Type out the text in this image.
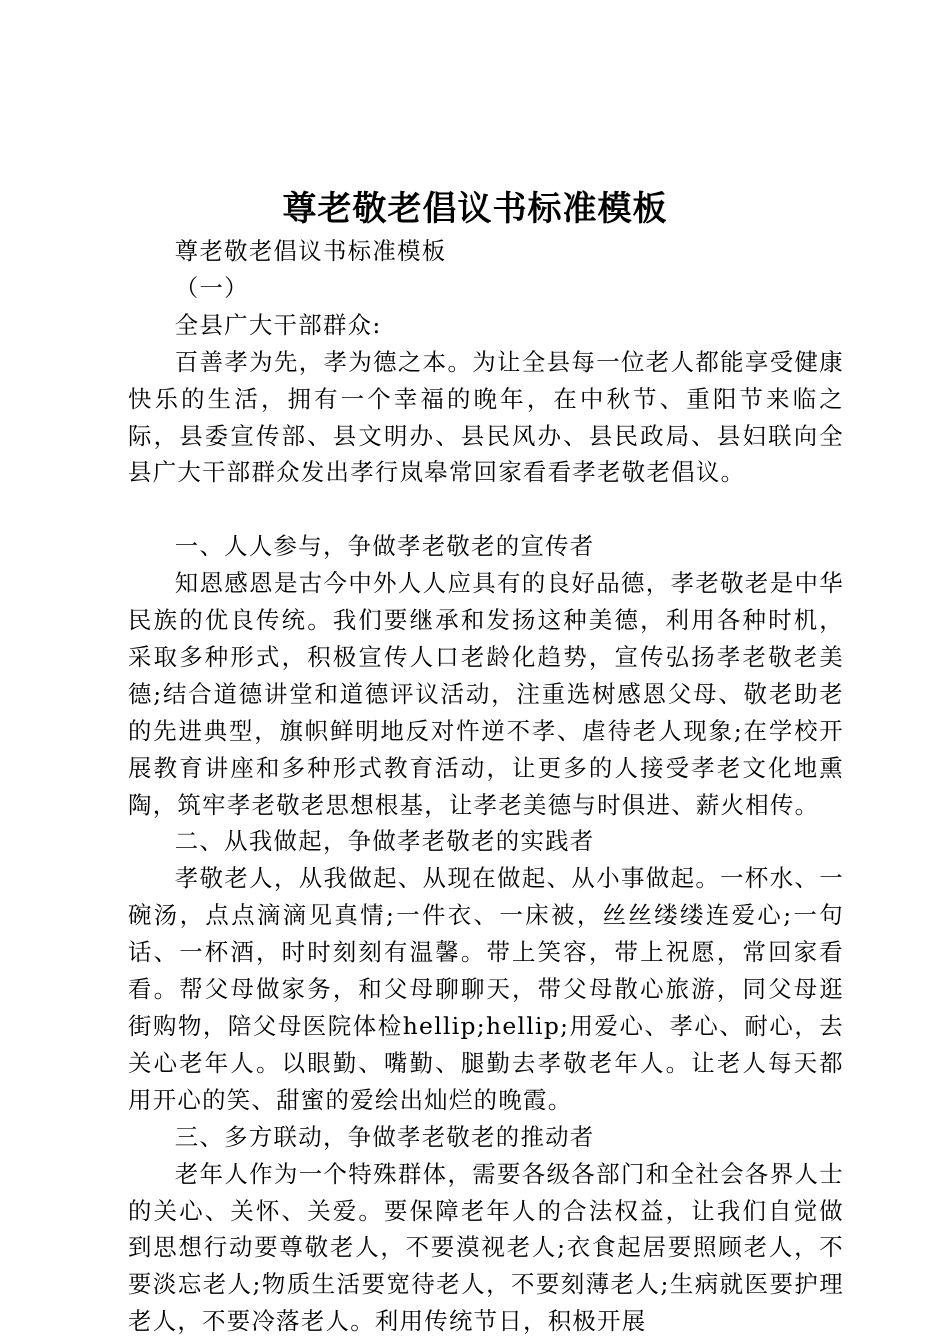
尊老敬老倡议书标准模板

尊老敬老倡议书标准模板

（一）

全县广大干部群众:

百善孝为先，孝为德之本。为让全县每一位老人都能享受健康快乐的生活，拥有一个幸福的晚年，在中秋节、重阳节来临之际，县委宣传部、县文明办、县民风办、县民政局、县妇联向全县广大干部群众发出孝行岚皋常回家看看孝老敬老倡议。

一、人人参与，争做孝老敬老的宣传者

知恩感恩是古今中外人人应具有的良好品德，孝老敬老是中华民族的优良传统。我们要继承和发扬这种美德，利用各种时机，采取多种形式，积极宣传人口老龄化趋势，宣传弘扬孝老敬老美德;结合道德讲堂和道德评议活动，注重选树感恩父母、敬老助老的先进典型，旗帜鲜明地反对忤逆不孝、虐待老人现象;在学校开展教育讲座和多种形式教育活动，让更多的人接受孝老文化地熏陶，筑牢孝老敬老思想根基，让孝老美德与时俱进、薪火相传。

二、从我做起，争做孝老敬老的实践者

孝敬老人，从我做起、从现在做起、从小事做起。一杯水、一碗汤，点点滴滴见真情;一件衣、一床被，丝丝缕缕连爱心;一句话、一杯酒，时时刻刻有温馨。带上笑容，带上祝愿，常回家看看。帮父母做家务，和父母聊聊天，带父母散心旅游，同父母逛街购物，陪父母医院体检hellip;hellip;用爱心、孝心、耐心，去关心老年人。以眼勤、嘴勤、腿勤去孝敬老年人。让老人每天都用开心的笑、甜蜜的爱绘出灿烂的晚霞。

三、多方联动，争做孝老敬老的推动者

老年人作为一个特殊群体，需要各级各部门和全社会各界人士的关心、关怀、关爱。要保障老年人的合法权益，让我们自觉做到思想行动要尊敬老人，不要漠视老人;衣食起居要照顾老人，不要淡忘老人;物质生活要宽待老人，不要刻薄老人;生病就医要护理老人，不要冷落老人。利用传统节日，积极开展
